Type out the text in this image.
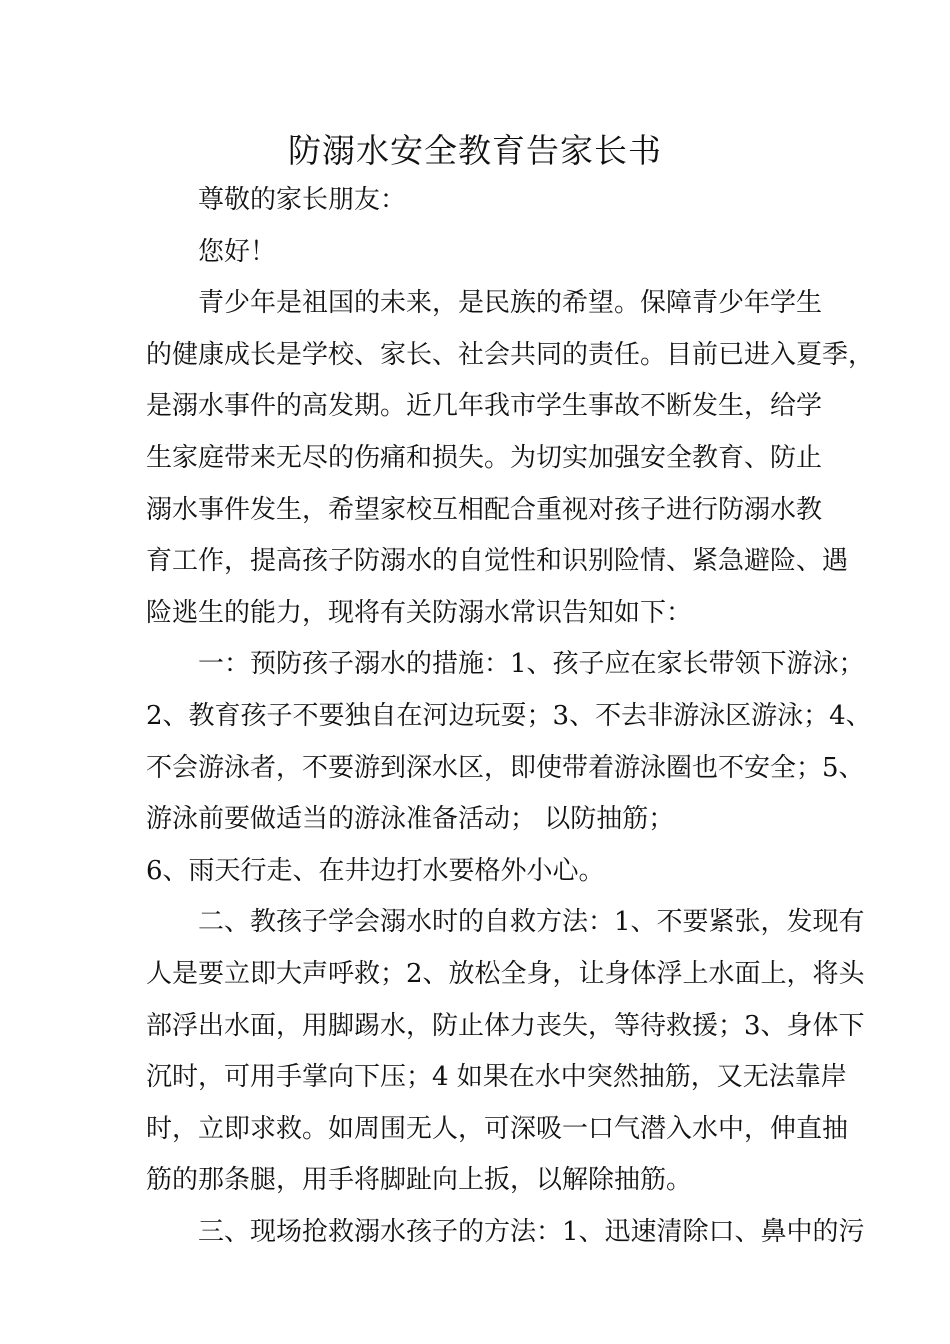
防溺水安全教育告家长书
尊敬的家长朋友：
您好！
青少年是祖国的未来，是民族的希望。保障青少年学生
的健康成长是学校、家长、社会共同的责任。目前已进入夏季，
是溺水事件的高发期。近几年我市学生事故不断发生，给学
生家庭带来无尽的伤痛和损失。为切实加强安全教育、防止
溺水事件发生，希望家校互相配合重视对孩子进行防溺水教
育工作，提高孩子防溺水的自觉性和识别险情、紧急避险、遇
险逃生的能力，现将有关防溺水常识告知如下：
一：预防孩子溺水的措施：1、孩子应在家长带领下游泳；
2、教育孩子不要独自在河边玩耍；3、不去非游泳区游泳；4、
不会游泳者，不要游到深水区，即使带着游泳圈也不安全；5、
游泳前要做适当的游泳准备活动； 以防抽筋；
6、雨天行走、在井边打水要格外小心。
二、教孩子学会溺水时的自救方法：1、不要紧张，发现有
人是要立即大声呼救；2、放松全身，让身体浮上水面上，将头
部浮出水面，用脚踢水，防止体力丧失，等待救援；3、身体下
沉时，可用手掌向下压；4 如果在水中突然抽筋，又无法靠岸
时，立即求救。如周围无人，可深吸一口气潜入水中，伸直抽
筋的那条腿，用手将脚趾向上扳，以解除抽筋。
三、现场抢救溺水孩子的方法：1、迅速清除口、鼻中的污
